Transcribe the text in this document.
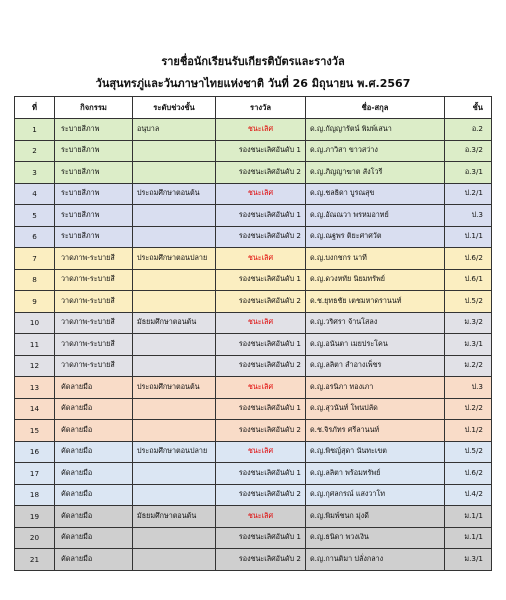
รายชื่อนักเรียนรับเกียรติบัตรและรางวัล
วันสุนทรภู่และวันภาษาไทยแห่งชาติ วันที่ 26 มิถุนายน พ.ศ.2567
ที่	กิจกรรม	ระดับช่วงชั้น	รางวัล	ชื่อ-สกุล	ชั้น
1	ระบายสีภาพ	อนุบาล	ชนะเลิศ	ด.ญ.กัญญารัตน์ พิมพ์เสนา	อ.2
2	ระบายสีภาพ		รองชนะเลิศอันดับ 1	ด.ญ.ภาวิสา ขาวสว่าง	อ.3/2
3	ระบายสีภาพ		รองชนะเลิศอันดับ 2	ด.ญ.ภิญญาฆาต สังโวรี	อ.3/1
4	ระบายสีภาพ	ประถมศึกษาตอนต้น	ชนะเลิศ	ด.ญ.ชลธิดา บูรณสุข	ป.2/1
5	ระบายสีภาพ		รองชนะเลิศอันดับ 1	ด.ญ.อัณณวา พรหมอาทย์	ป.3
6	ระบายสีภาพ		รองชนะเลิศอันดับ 2	ด.ญ.ณฐพร ติยะศาศวัต	ป.1/1
7	วาดภาพ-ระบายสี	ประถมศึกษาตอนปลาย	ชนะเลิศ	ด.ญ.บงกชกร นาที	ป.6/2
8	วาดภาพ-ระบายสี		รองชนะเลิศอันดับ 1	ด.ญ.ดวงหทัย นิยมทรัพย์	ป.6/1
9	วาดภาพ-ระบายสี		รองชนะเลิศอันดับ 2	ด.ช.ยุทธชัย เตชมหาดรานนท์	ป.5/2
10	วาดภาพ-ระบายสี	มัธยมศึกษาตอนต้น	ชนะเลิศ	ด.ญ.วริศรา จ้านโสลง	ม.3/2
11	วาดภาพ-ระบายสี		รองชนะเลิศอันดับ 1	ด.ญ.อนันตา เมยประโคน	ม.3/1
12	วาดภาพ-ระบายสี		รองชนะเลิศอันดับ 2	ด.ญ.ลลิตา สำอางเพ็ชร	ม.2/2
13	คัดลายมือ	ประถมศึกษาตอนต้น	ชนะเลิศ	ด.ญ.อรนิภา ทองเภา	ป.3
14	คัดลายมือ		รองชนะเลิศอันดับ 1	ด.ญ.สุวนันท์ โพนปลัด	ป.2/2
15	คัดลายมือ		รองชนะเลิศอันดับ 2	ด.ช.จิรภัทร ศรีลานนท์	ป.1/2
16	คัดลายมือ	ประถมศึกษาตอนปลาย	ชนะเลิศ	ด.ญ.พิชญ์สุดา นันทะเขต	ป.5/2
17	คัดลายมือ		รองชนะเลิศอันดับ 1	ด.ญ.ลลิตา พร้อมทรัพย์	ป.6/2
18	คัดลายมือ		รองชนะเลิศอันดับ 2	ด.ญ.กุศลกรณ์ แสงวาโท	ป.4/2
19	คัดลายมือ	มัธยมศึกษาตอนต้น	ชนะเลิศ	ด.ญ.พิมพ์ชนก มุ่งดี	ม.1/1
20	คัดลายมือ		รองชนะเลิศอันดับ 1	ด.ญ.ธนิดา พวงเงิน	ม.1/1
21	คัดลายมือ		รองชนะเลิศอันดับ 2	ด.ญ.กานติมา ปลั่งกลาง	ม.3/1
